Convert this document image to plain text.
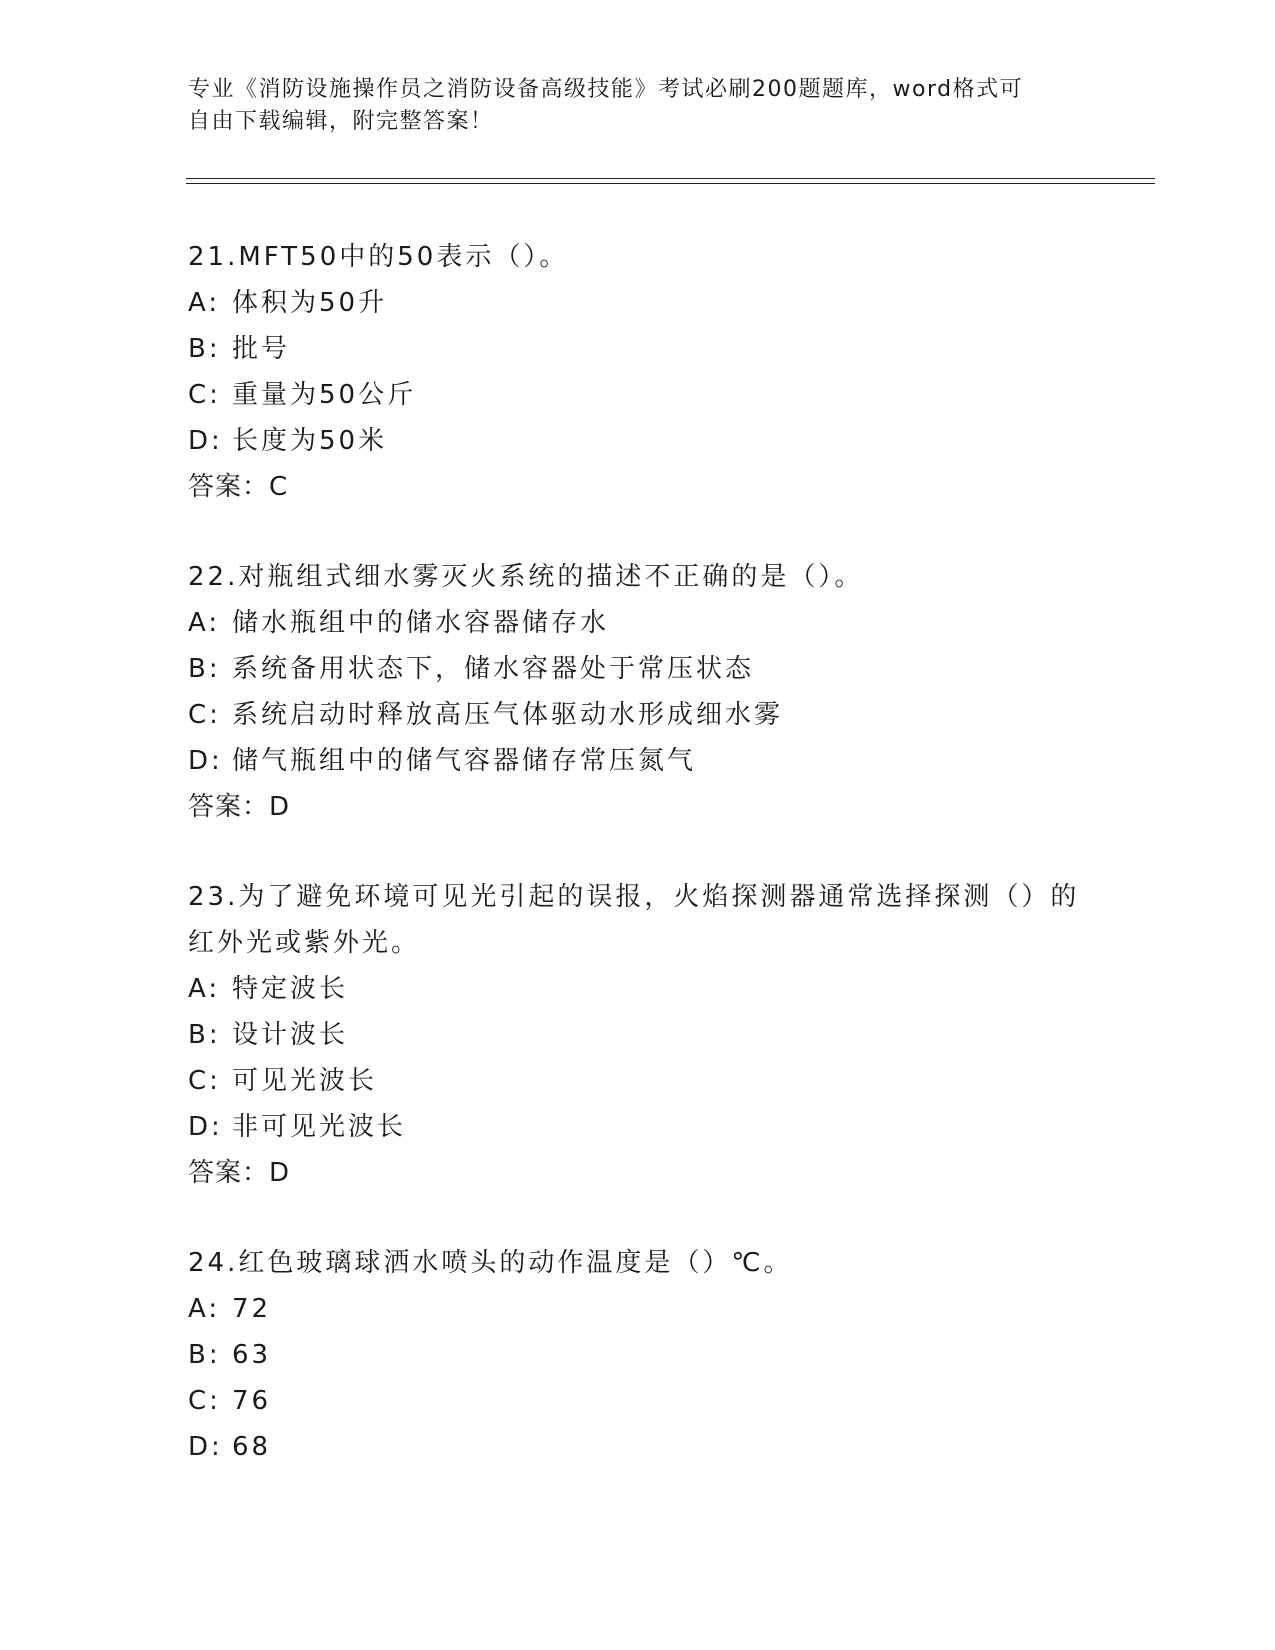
专业《消防设施操作员之消防设备高级技能》考试必刷200题题库，word格式可
自由下载编辑，附完整答案！
21.MFT50中的50表示（）。
A: 体积为50升
B: 批号
C: 重量为50公斤
D: 长度为50米
答案：C
22.对瓶组式细水雾灭火系统的描述不正确的是（）。
A: 储水瓶组中的储水容器储存水
B: 系统备用状态下，储水容器处于常压状态
C: 系统启动时释放高压气体驱动水形成细水雾
D: 储气瓶组中的储气容器储存常压氮气
答案：D
23.为了避免环境可见光引起的误报，火焰探测器通常选择探测（）的
红外光或紫外光。
A: 特定波长
B: 设计波长
C: 可见光波长
D: 非可见光波长
答案：D
24.红色玻璃球洒水喷头的动作温度是（）℃。
A: 72
B: 63
C: 76
D: 68
